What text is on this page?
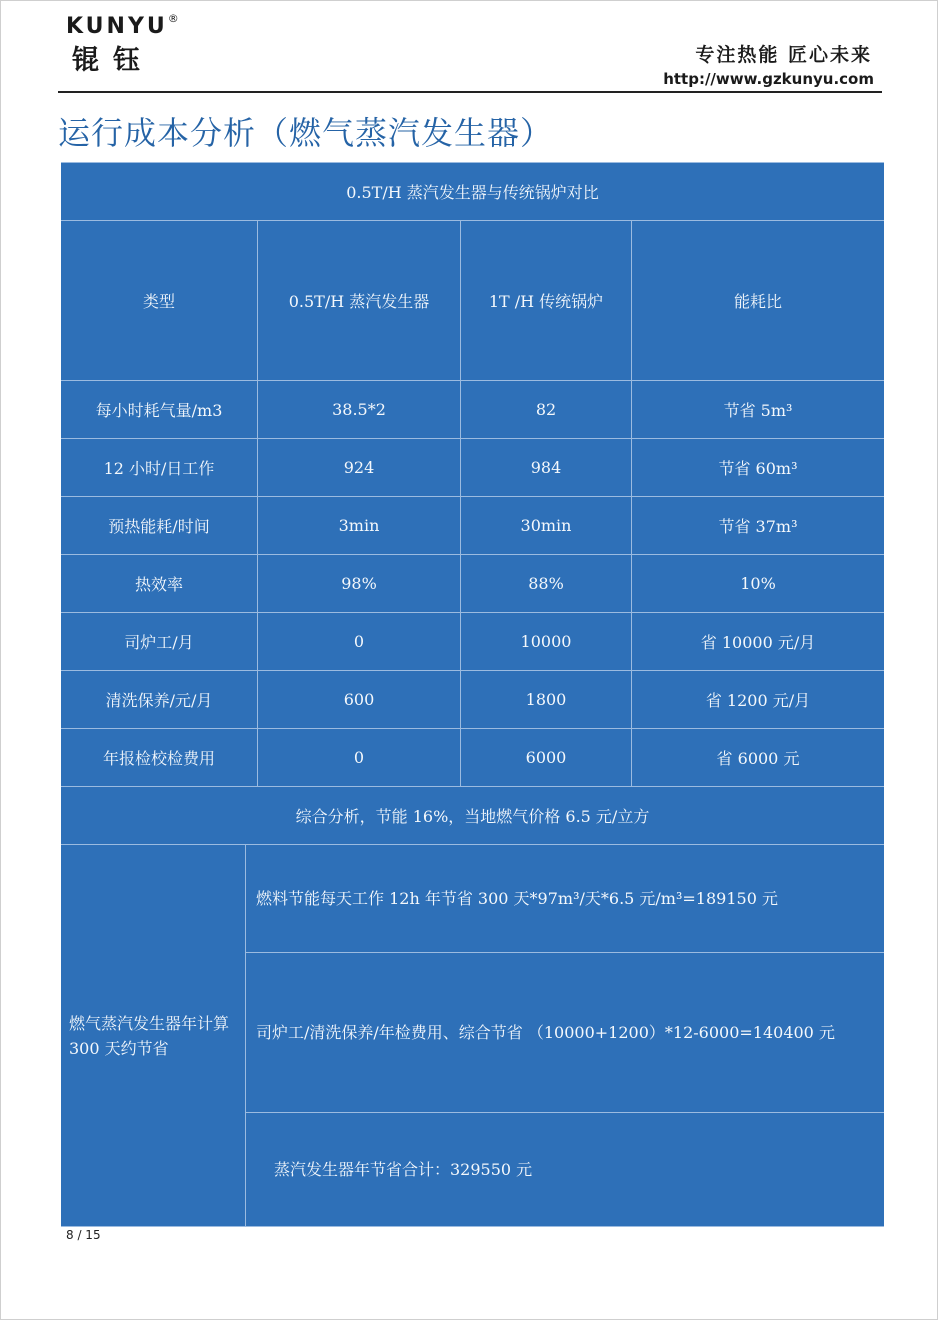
KUNYU®
锟钰	专注热能 匠心未来
http://www.gzkunyu.com
运行成本分析（燃气蒸汽发生器）
0.5T/H 蒸汽发生器与传统锅炉对比
类型	0.5T/H 蒸汽发生器	1T /H 传统锅炉	能耗比
每小时耗气量/m3	38.5*2	82	节省 5m³
12 小时/日工作	924	984	节省 60m³
预热能耗/时间	3min	30min	节省 37m³
热效率	98%	88%	10%
司炉工/月	0	10000	省 10000 元/月
清洗保养/元/月	600	1800	省 1200 元/月
年报检校检费用	0	6000	省 6000 元
综合分析，节能 16%，当地燃气价格 6.5 元/立方
燃气蒸汽发生器年计算 300 天约节省
燃料节能每天工作 12h 年节省 300 天*97m³/天*6.5 元/m³=189150 元
司炉工/清洗保养/年检费用、综合节省 （10000+1200）*12-6000=140400 元
蒸汽发生器年节省合计：329550 元
8 / 15
